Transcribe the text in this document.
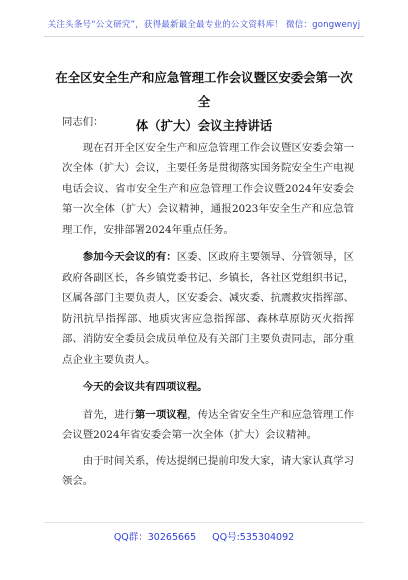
关注头条号“公文研究”，获得最新最全最专业的公文资料库！ 微信：gongwenyj
在全区安全生产和应急管理工作会议暨区安委会第一次全
体（扩大）会议主持讲话

同志们：

现在召开全区安全生产和应急管理工作会议暨区安委会第一次全体（扩大）会议，主要任务是贯彻落实国务院安全生产电视电话会议、省市安全生产和应急管理工作会议暨2024年安委会第一次全体（扩大）会议精神，通报2023年安全生产和应急管理工作，安排部署2024年重点任务。

参加今天会议的有：区委、区政府主要领导、分管领导，区政府各副区长，各乡镇党委书记、乡镇长，各社区党组织书记，区属各部门主要负责人，区安委会、减灾委、抗震救灾指挥部、防汛抗旱指挥部、地质灾害应急指挥部、森林草原防灭火指挥部、消防安全委员会成员单位及有关部门主要负责同志，部分重点企业主要负责人。

今天的会议共有四项议程。

首先，进行第一项议程，传达全省安全生产和应急管理工作会议暨2024年省安委会第一次全体（扩大）会议精神。

由于时间关系，传达提纲已提前印发大家，请大家认真学习领会。

QQ群：30265665 QQ号:535304092
